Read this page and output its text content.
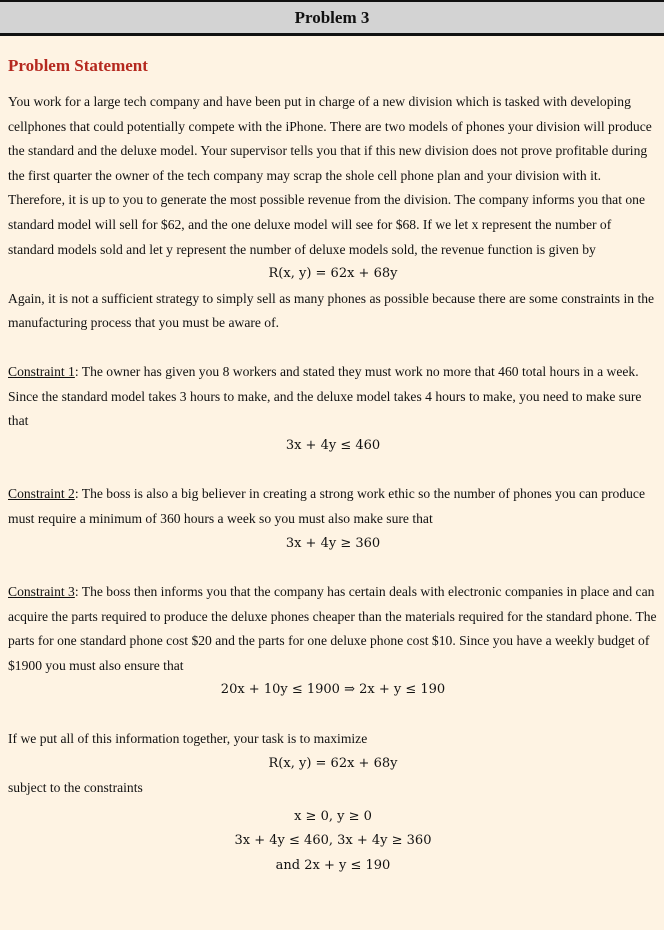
Problem 3
Problem Statement

You work for a large tech company and have been put in charge of a new division which is tasked with developing cellphones that could potentially compete with the iPhone. There are two models of phones your division will produce the standard and the deluxe model. Your supervisor tells you that if this new division does not prove profitable during the first quarter the owner of the tech company may scrap the shole cell phone plan and your division with it. Therefore, it is up to you to generate the most possible revenue from the division. The company informs you that one standard model will sell for $62, and the one deluxe model will see for $68. If we let x represent the number of standard models sold and let y represent the number of deluxe models sold, the revenue function is given by

R(x, y) = 62x + 68y

Again, it is not a sufficient strategy to simply sell as many phones as possible because there are some constraints in the manufacturing process that you must be aware of.

Constraint 1: The owner has given you 8 workers and stated they must work no more that 460 total hours in a week. Since the standard model takes 3 hours to make, and the deluxe model takes 4 hours to make, you need to make sure that

3x + 4y ≤ 460

Constraint 2: The boss is also a big believer in creating a strong work ethic so the number of phones you can produce must require a minimum of 360 hours a week so you must also make sure that

3x + 4y ≥ 360

Constraint 3: The boss then informs you that the company has certain deals with electronic companies in place and can acquire the parts required to produce the deluxe phones cheaper than the materials required for the standard phone. The parts for one standard phone cost $20 and the parts for one deluxe phone cost $10. Since you have a weekly budget of $1900 you must also ensure that

20x + 10y ≤ 1900 ⇒ 2x + y ≤ 190

If we put all of this information together, your task is to maximize

R(x, y) = 62x + 68y

subject to the constraints

x ≥ 0, y ≥ 0
3x + 4y ≤ 460, 3x + 4y ≥ 360
and 2x + y ≤ 190
